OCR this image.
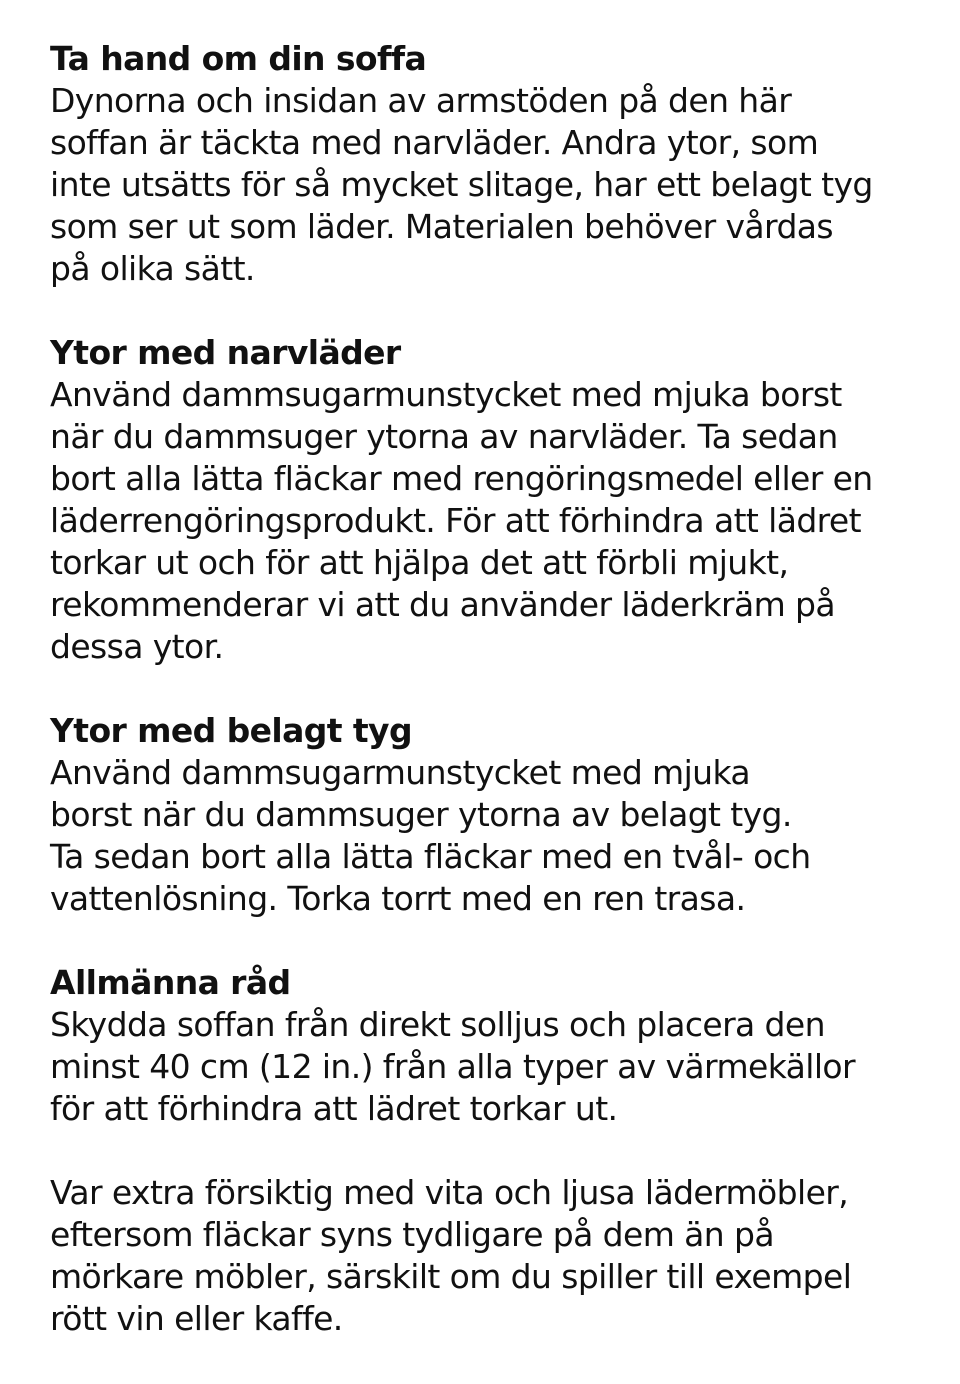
Ta hand om din soffa

Dynorna och insidan av armstöden på den här

soffan är täckta med narvläder. Andra ytor, som

inte utsätts för så mycket slitage, har ett belagt tyg

som ser ut som läder. Materialen behöver vårdas

på olika sätt.

Ytor med narvläder

Använd dammsugarmunstycket med mjuka borst

när du dammsuger ytorna av narvläder. Ta sedan

bort alla lätta fläckar med rengöringsmedel eller en

läderrengöringsprodukt. För att förhindra att lädret

torkar ut och för att hjälpa det att förbli mjukt,

rekommenderar vi att du använder läderkräm på

dessa ytor.

Ytor med belagt tyg

Använd dammsugarmunstycket med mjuka

borst när du dammsuger ytorna av belagt tyg.

Ta sedan bort alla lätta fläckar med en tvål- och

vattenlösning. Torka torrt med en ren trasa.

Allmänna råd

Skydda soffan från direkt solljus och placera den

minst 40 cm (12 in.) från alla typer av värmekällor

för att förhindra att lädret torkar ut.

Var extra försiktig med vita och ljusa lädermöbler,

eftersom fläckar syns tydligare på dem än på

mörkare möbler, särskilt om du spiller till exempel

rött vin eller kaffe.
